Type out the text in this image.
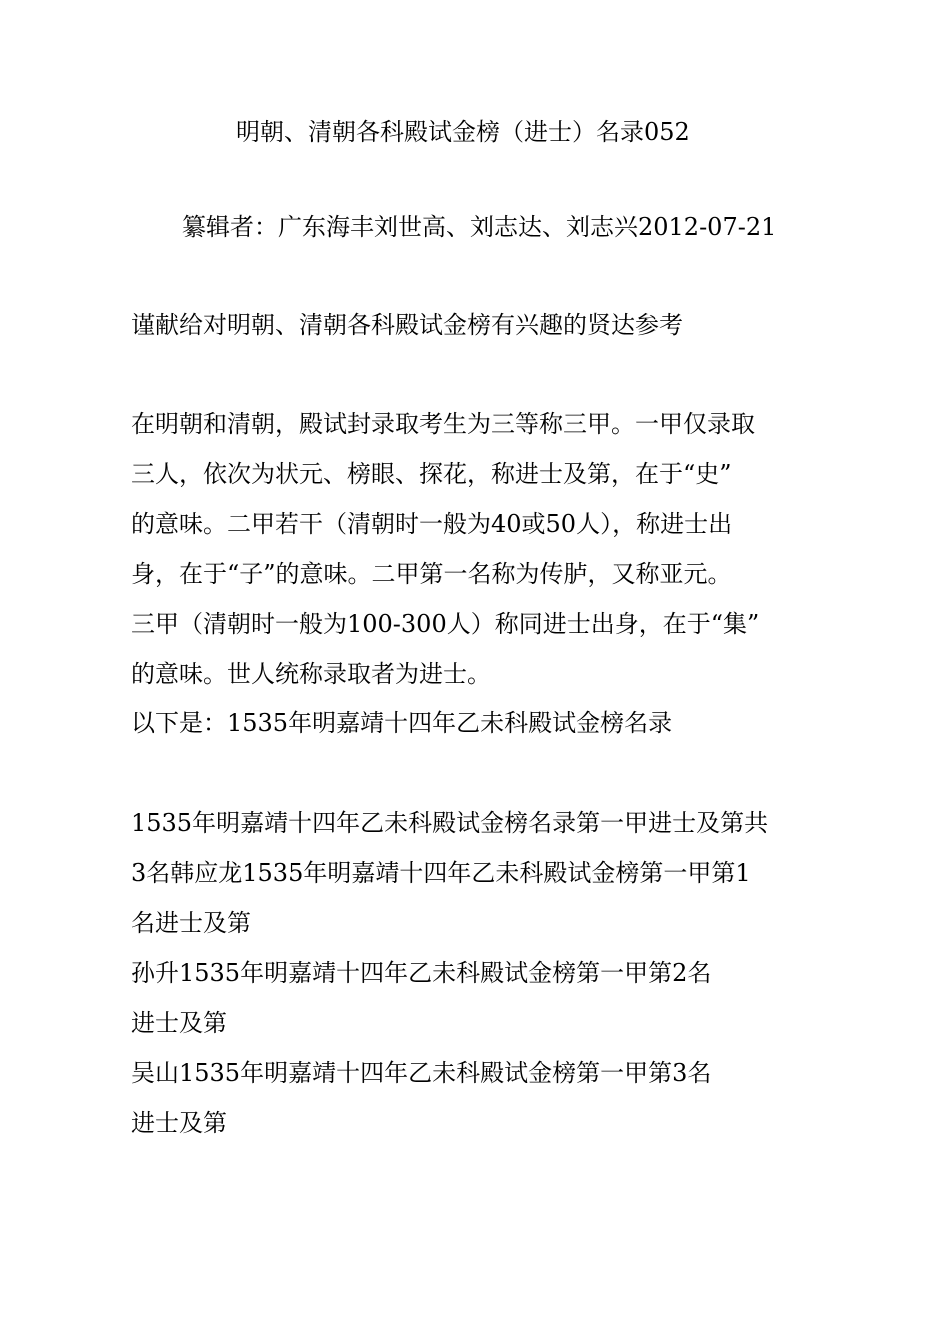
明朝、清朝各科殿试金榜（进士）名录052
纂辑者：广东海丰刘世高、刘志达、刘志兴2012-07-21
谨献给对明朝、清朝各科殿试金榜有兴趣的贤达参考
在明朝和清朝，殿试封录取考生为三等称三甲。一甲仅录取
三人，依次为状元、榜眼、探花，称进士及第，在于“史”
的意味。二甲若干（清朝时一般为40或50人），称进士出
身，在于“子”的意味。二甲第一名称为传胪，又称亚元。
三甲（清朝时一般为100-300人）称同进士出身，在于“集”
的意味。世人统称录取者为进士。
以下是：1535年明嘉靖十四年乙未科殿试金榜名录
1535年明嘉靖十四年乙未科殿试金榜名录第一甲进士及第共
3名韩应龙1535年明嘉靖十四年乙未科殿试金榜第一甲第1
名进士及第
孙升1535年明嘉靖十四年乙未科殿试金榜第一甲第2名
进士及第
吴山1535年明嘉靖十四年乙未科殿试金榜第一甲第3名
进士及第
